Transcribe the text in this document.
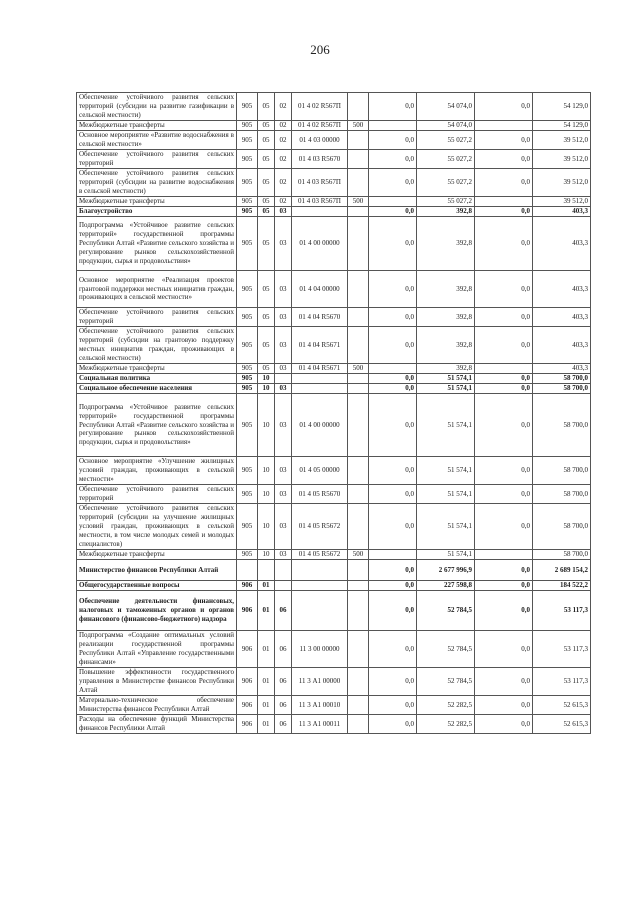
206
Обеспечение устойчивого развития сельских территорий (субсидии на развитие газификации в сельской местности)	905	05	02	01 4 02 R567П		0,0	54 074,0	0,0	54 129,0
Межбюджетные трансферты	905	05	02	01 4 02 R567П	500		54 074,0		54 129,0
Основное мероприятие «Развитие водоснабжения в сельской местности»	905	05	02	01 4 03 00000		0,0	55 027,2	0,0	39 512,0
Обеспечение устойчивого развития сельских территорий	905	05	02	01 4 03 R5670		0,0	55 027,2	0,0	39 512,0
Обеспечение устойчивого развития сельских территорий (субсидии на развитие водоснабжения в сельской местности)	905	05	02	01 4 03 R567П		0,0	55 027,2	0,0	39 512,0
Межбюджетные трансферты	905	05	02	01 4 03 R567П	500		55 027,2		39 512,0
Благоустройство	905	05	03			0,0	392,8	0,0	403,3
Подпрограмма «Устойчивое развитие сельских территорий» государственной программы Республики Алтай «Развитие сельского хозяйства и регулирование рынков сельскохозяйственной продукции, сырья и продовольствия»	905	05	03	01 4 00 00000		0,0	392,8	0,0	403,3
Основное мероприятие «Реализация проектов грантовой поддержки местных инициатив граждан, проживающих в сельской местности»	905	05	03	01 4 04 00000		0,0	392,8	0,0	403,3
Обеспечение устойчивого развития сельских территорий	905	05	03	01 4 04 R5670		0,0	392,8	0,0	403,3
Обеспечение устойчивого развития сельских территорий (субсидии на грантовую поддержку местных инициатив граждан, проживающих в сельской местности)	905	05	03	01 4 04 R5671		0,0	392,8	0,0	403,3
Межбюджетные трансферты	905	05	03	01 4 04 R5671	500		392,8		403,3
Социальная политика	905	10				0,0	51 574,1	0,0	58 700,0
Социальное обеспечение населения	905	10	03			0,0	51 574,1	0,0	58 700,0
Подпрограмма «Устойчивое развитие сельских территорий» государственной программы Республики Алтай «Развитие сельского хозяйства и регулирование рынков сельскохозяйственной продукции, сырья и продовольствия»	905	10	03	01 4 00 00000		0,0	51 574,1	0,0	58 700,0
Основное мероприятие «Улучшение жилищных условий граждан, проживающих в сельской местности»	905	10	03	01 4 05 00000		0,0	51 574,1	0,0	58 700,0
Обеспечение устойчивого развития сельских территорий	905	10	03	01 4 05 R5670		0,0	51 574,1	0,0	58 700,0
Обеспечение устойчивого развития сельских территорий (субсидии на улучшение жилищных условий граждан, проживающих в сельской местности, в том числе молодых семей и молодых специалистов)	905	10	03	01 4 05 R5672		0,0	51 574,1	0,0	58 700,0
Межбюджетные трансферты	905	10	03	01 4 05 R5672	500		51 574,1		58 700,0
Министерство финансов Республики Алтай						0,0	2 677 996,9	0,0	2 689 154,2
Общегосударственные вопросы	906	01				0,0	227 598,8	0,0	184 522,2
Обеспечение деятельности финансовых, налоговых и таможенных органов и органов финансового (финансово-бюджетного) надзора	906	01	06			0,0	52 784,5	0,0	53 117,3
Подпрограмма «Создание оптимальных условий реализации государственной программы Республики Алтай «Управление государственными финансами»	906	01	06	11 3 00 00000		0,0	52 784,5	0,0	53 117,3
Повышение эффективности государственного управления в Министерстве финансов Республики Алтай	906	01	06	11 3 А1 00000		0,0	52 784,5	0,0	53 117,3
Материально-техническое обеспечение Министерства финансов Республики Алтай	906	01	06	11 3 А1 00010		0,0	52 282,5	0,0	52 615,3
Расходы на обеспечение функций Министерства финансов Республики Алтай	906	01	06	11 3 А1 00011		0,0	52 282,5	0,0	52 615,3
